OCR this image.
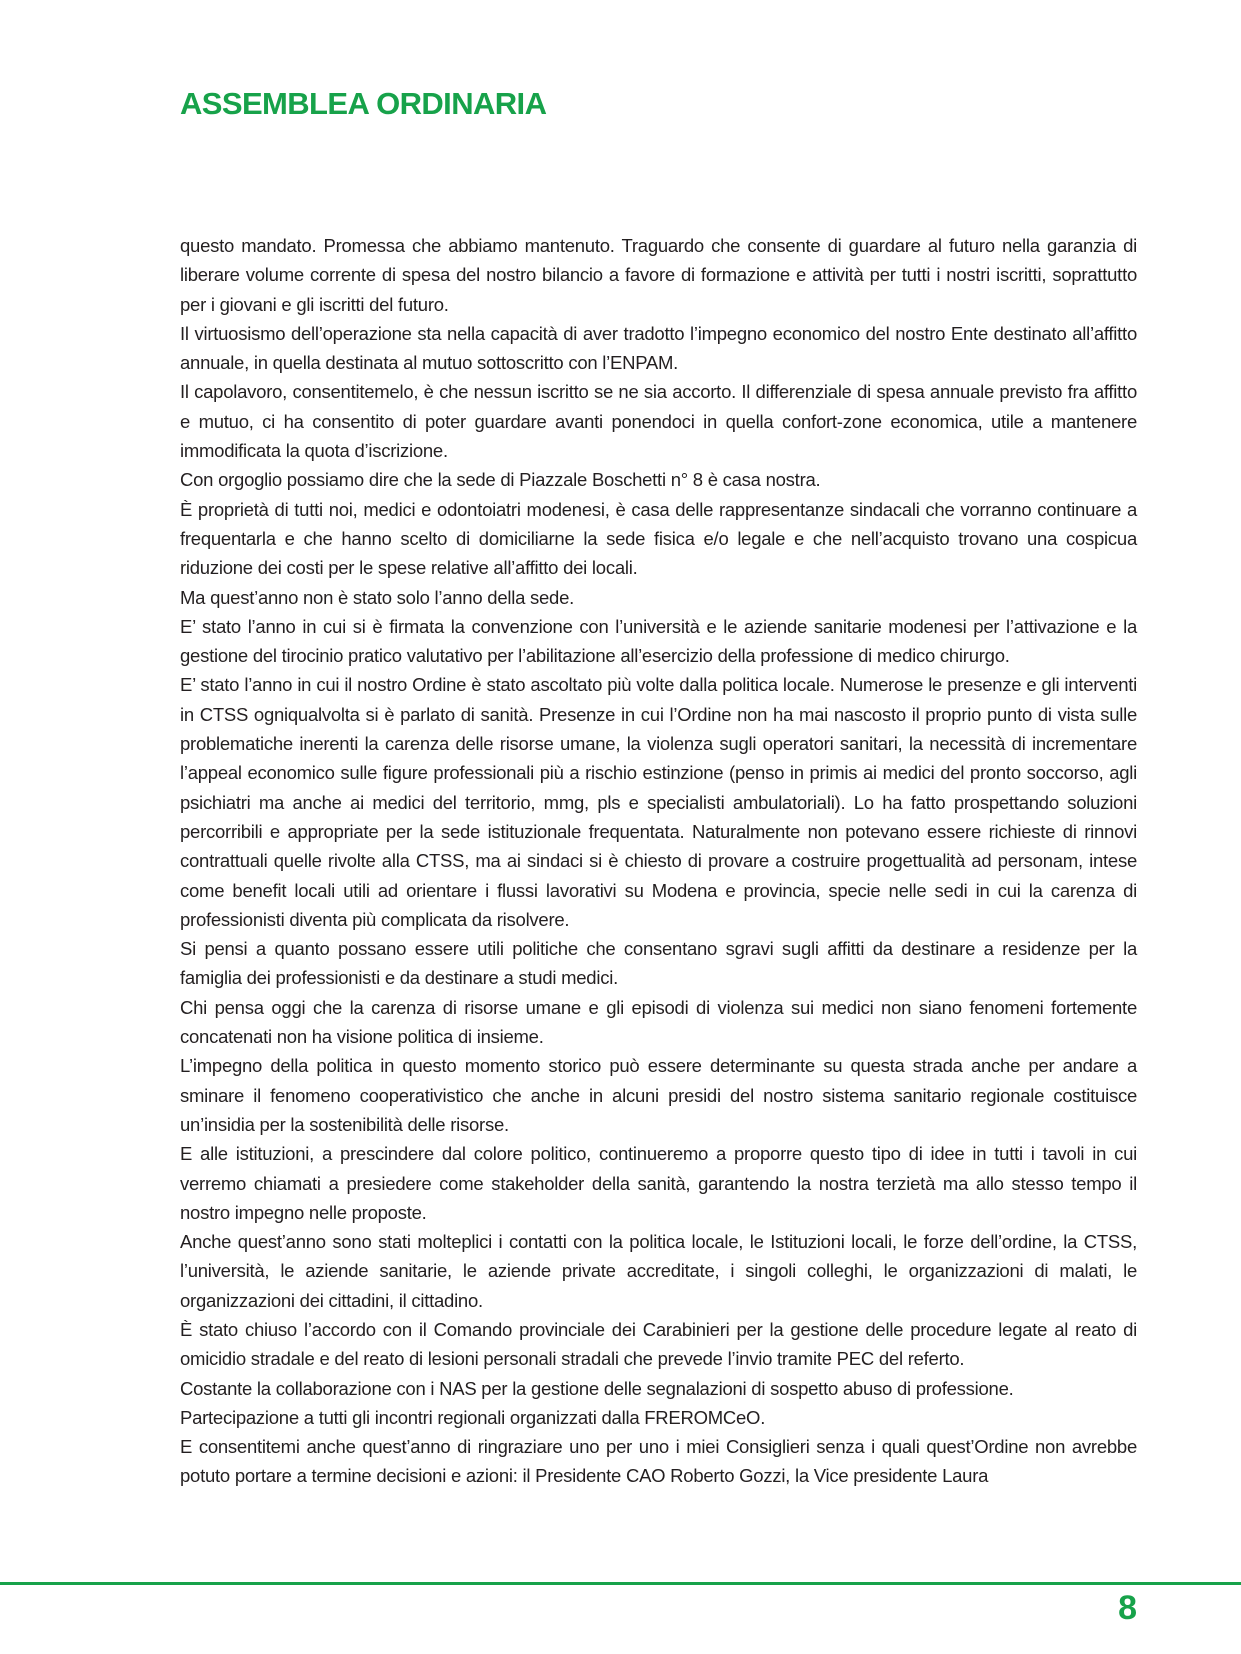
ASSEMBLEA ORDINARIA

questo mandato. Promessa che abbiamo mantenuto. Traguardo che consente di guardare al futuro nella garanzia di liberare volume corrente di spesa del nostro bilancio a favore di formazione e attività per tutti i nostri iscritti, soprattutto per i giovani e gli iscritti del futuro.

Il virtuosismo dell’operazione sta nella capacità di aver tradotto l’impegno economico del nostro Ente destinato all’affitto annuale, in quella destinata al mutuo sottoscritto con l’ENPAM.

Il capolavoro, consentitemelo, è che nessun iscritto se ne sia accorto. Il differenziale di spesa annuale previsto fra affitto e mutuo, ci ha consentito di poter guardare avanti ponendoci in quella confort-zone economica, utile a mantenere immodificata la quota d’iscrizione.

Con orgoglio possiamo dire che la sede di Piazzale Boschetti n° 8 è casa nostra.

È proprietà di tutti noi, medici e odontoiatri modenesi, è casa delle rappresentanze sindacali che vorranno continuare a frequentarla e che hanno scelto di domiciliarne la sede fisica e/o legale e che nell’acquisto trovano una cospicua riduzione dei costi per le spese relative all’affitto dei locali.

Ma quest’anno non è stato solo l’anno della sede.

E’ stato l’anno in cui si è firmata la convenzione con l’università e le aziende sanitarie modenesi per l’attivazione e la gestione del tirocinio pratico valutativo per l’abilitazione all’esercizio della professione di medico chirurgo.

E’ stato l’anno in cui il nostro Ordine è stato ascoltato più volte dalla politica locale. Numerose le presenze e gli interventi in CTSS ogniqualvolta si è parlato di sanità. Presenze in cui l’Ordine non ha mai nascosto il proprio punto di vista sulle problematiche inerenti la carenza delle risorse umane, la violenza sugli operatori sanitari, la necessità di incrementare l’appeal economico sulle figure professionali più a rischio estinzione (penso in primis ai medici del pronto soccorso, agli psichiatri ma anche ai medici del territorio, mmg, pls e specialisti ambulatoriali). Lo ha fatto prospettando soluzioni percorribili e appropriate per la sede istituzionale frequentata. Naturalmente non potevano essere richieste di rinnovi contrattuali quelle rivolte alla CTSS, ma ai sindaci si è chiesto di provare a costruire progettualità ad personam, intese come benefit locali utili ad orientare i flussi lavorativi su Modena e provincia, specie nelle sedi in cui la carenza di professionisti diventa più complicata da risolvere.

Si pensi a quanto possano essere utili politiche che consentano sgravi sugli affitti da destinare a residenze per la famiglia dei professionisti e da destinare a studi medici.

Chi pensa oggi che la carenza di risorse umane e gli episodi di violenza sui medici non siano fenomeni fortemente concatenati non ha visione politica di insieme.

L’impegno della politica in questo momento storico può essere determinante su questa strada anche per andare a sminare il fenomeno cooperativistico che anche in alcuni presidi del nostro sistema sanitario regionale costituisce un’insidia per la sostenibilità delle risorse.

E alle istituzioni, a prescindere dal colore politico, continueremo a proporre questo tipo di idee in tutti i tavoli in cui verremo chiamati a presiedere come stakeholder della sanità, garantendo la nostra terzietà ma allo stesso tempo il nostro impegno nelle proposte.

Anche quest’anno sono stati molteplici i contatti con la politica locale, le Istituzioni locali, le forze dell’ordine, la CTSS, l’università, le aziende sanitarie, le aziende private accreditate, i singoli colleghi, le organizzazioni di malati, le organizzazioni dei cittadini, il cittadino.

È stato chiuso l’accordo con il Comando provinciale dei Carabinieri per la gestione delle procedure legate al reato di omicidio stradale e del reato di lesioni personali stradali che prevede l’invio tramite PEC del referto.

Costante la collaborazione con i NAS per la gestione delle segnalazioni di sospetto abuso di professione.

Partecipazione a tutti gli incontri regionali organizzati dalla FREROMCeO.

E consentitemi anche quest’anno di ringraziare uno per uno i miei Consiglieri senza i quali quest’Ordine non avrebbe potuto portare a termine decisioni e azioni: il Presidente CAO Roberto Gozzi, la Vice presidente Laura

8
